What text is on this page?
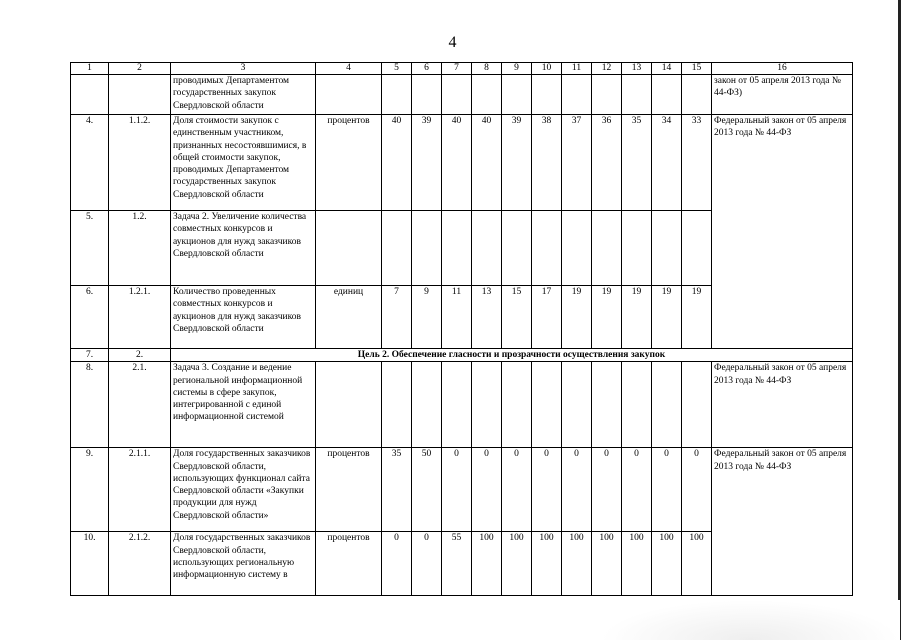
4
1	2	3	4	5	6	7	8	9	10	11	12	13	14	15	16
		проводимых Департаментом государственных закупок Свердловской области													закон от 05 апреля 2013 года № 44-ФЗ)
4.	1.1.2.	Доля стоимости закупок с единственным участником, признанных несостоявшимися, в общей стоимости закупок, проводимых Департаментом государственных закупок Свердловской области	процентов	40	39	40	40	39	38	37	36	35	34	33	Федеральный закон от 05 апреля 2013 года № 44-ФЗ
5.	1.2.	Задача 2. Увеличение количества совместных конкурсов и аукционов для нужд заказчиков Свердловской области													
6.	1.2.1.	Количество проведенных совместных конкурсов и аукционов для нужд заказчиков Свердловской области	единиц	7	9	11	13	15	17	19	19	19	19	19	
7.	2.	Цель 2. Обеспечение гласности и прозрачности осуществления закупок													
8.	2.1.	Задача 3. Создание и ведение региональной информационной системы в сфере закупок, интегрированной с единой информационной системой													Федеральный закон от 05 апреля 2013 года № 44-ФЗ
9.	2.1.1.	Доля государственных заказчиков Свердловской области, использующих функционал сайта Свердловской области «Закупки продукции для нужд Свердловской области»	процентов	35	50	0	0	0	0	0	0	0	0	0	Федеральный закон от 05 апреля 2013 года № 44-ФЗ
10.	2.1.2.	Доля государственных заказчиков Свердловской области, использующих региональную информационную систему в	процентов	0	0	55	100	100	100	100	100	100	100	100	
